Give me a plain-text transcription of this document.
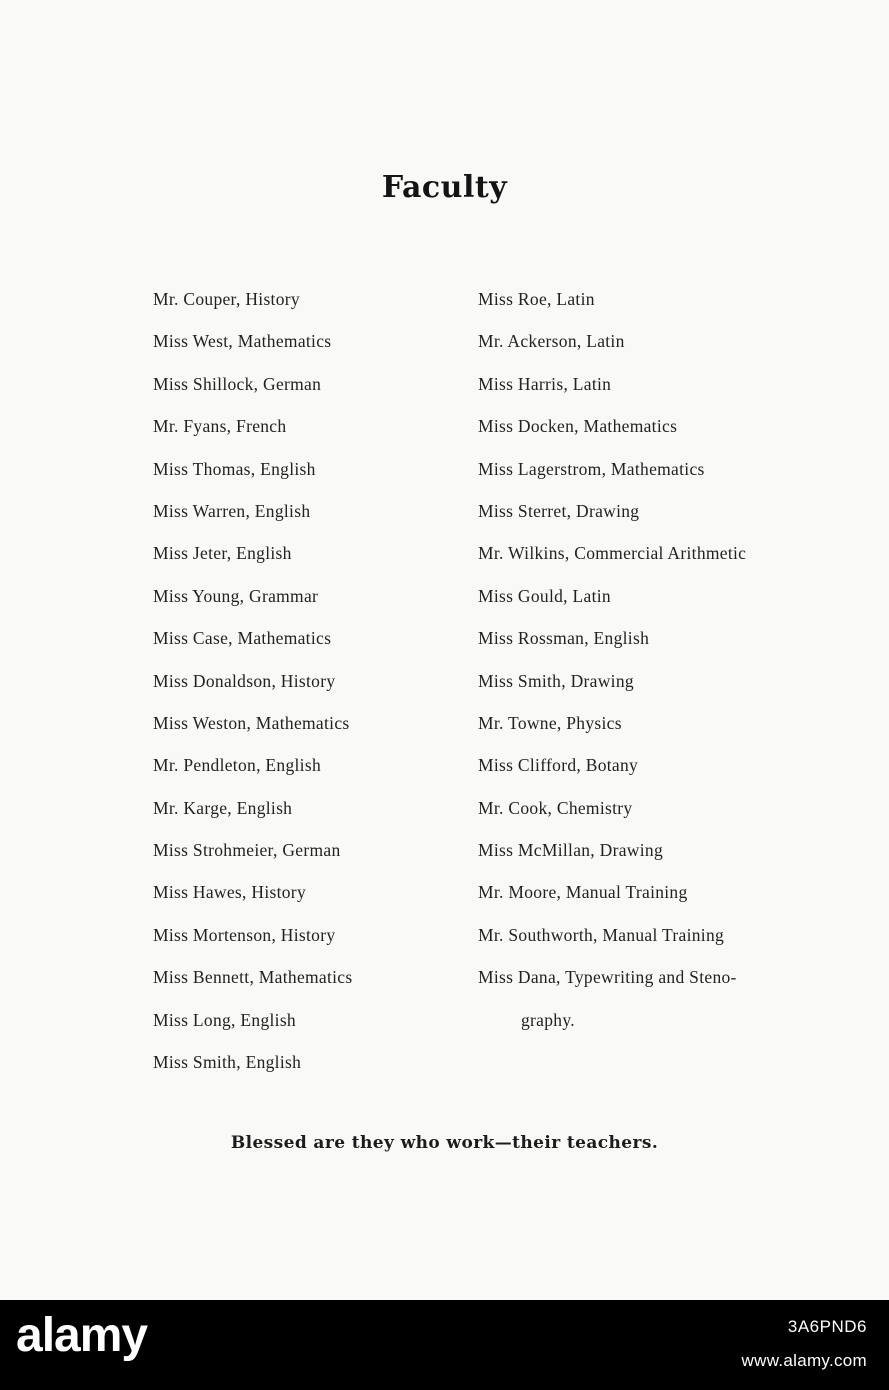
Faculty
Mr. Couper, History
Miss West, Mathematics
Miss Shillock, German
Mr. Fyans, French
Miss Thomas, English
Miss Warren, English
Miss Jeter, English
Miss Young, Grammar
Miss Case, Mathematics
Miss Donaldson, History
Miss Weston, Mathematics
Mr. Pendleton, English
Mr. Karge, English
Miss Strohmeier, German
Miss Hawes, History
Miss Mortenson, History
Miss Bennett, Mathematics
Miss Long, English
Miss Smith, English
Miss Roe, Latin
Mr. Ackerson, Latin
Miss Harris, Latin
Miss Docken, Mathematics
Miss Lagerstrom, Mathematics
Miss Sterret, Drawing
Mr. Wilkins, Commercial Arithmetic
Miss Gould, Latin
Miss Rossman, English
Miss Smith, Drawing
Mr. Towne, Physics
Miss Clifford, Botany
Mr. Cook, Chemistry
Miss McMillan, Drawing
Mr. Moore, Manual Training
Mr. Southworth, Manual Training
Miss Dana, Typewriting and Steno-
graphy.
Blessed are they who work—their teachers.
alamy	3A6PND6
www.alamy.com
